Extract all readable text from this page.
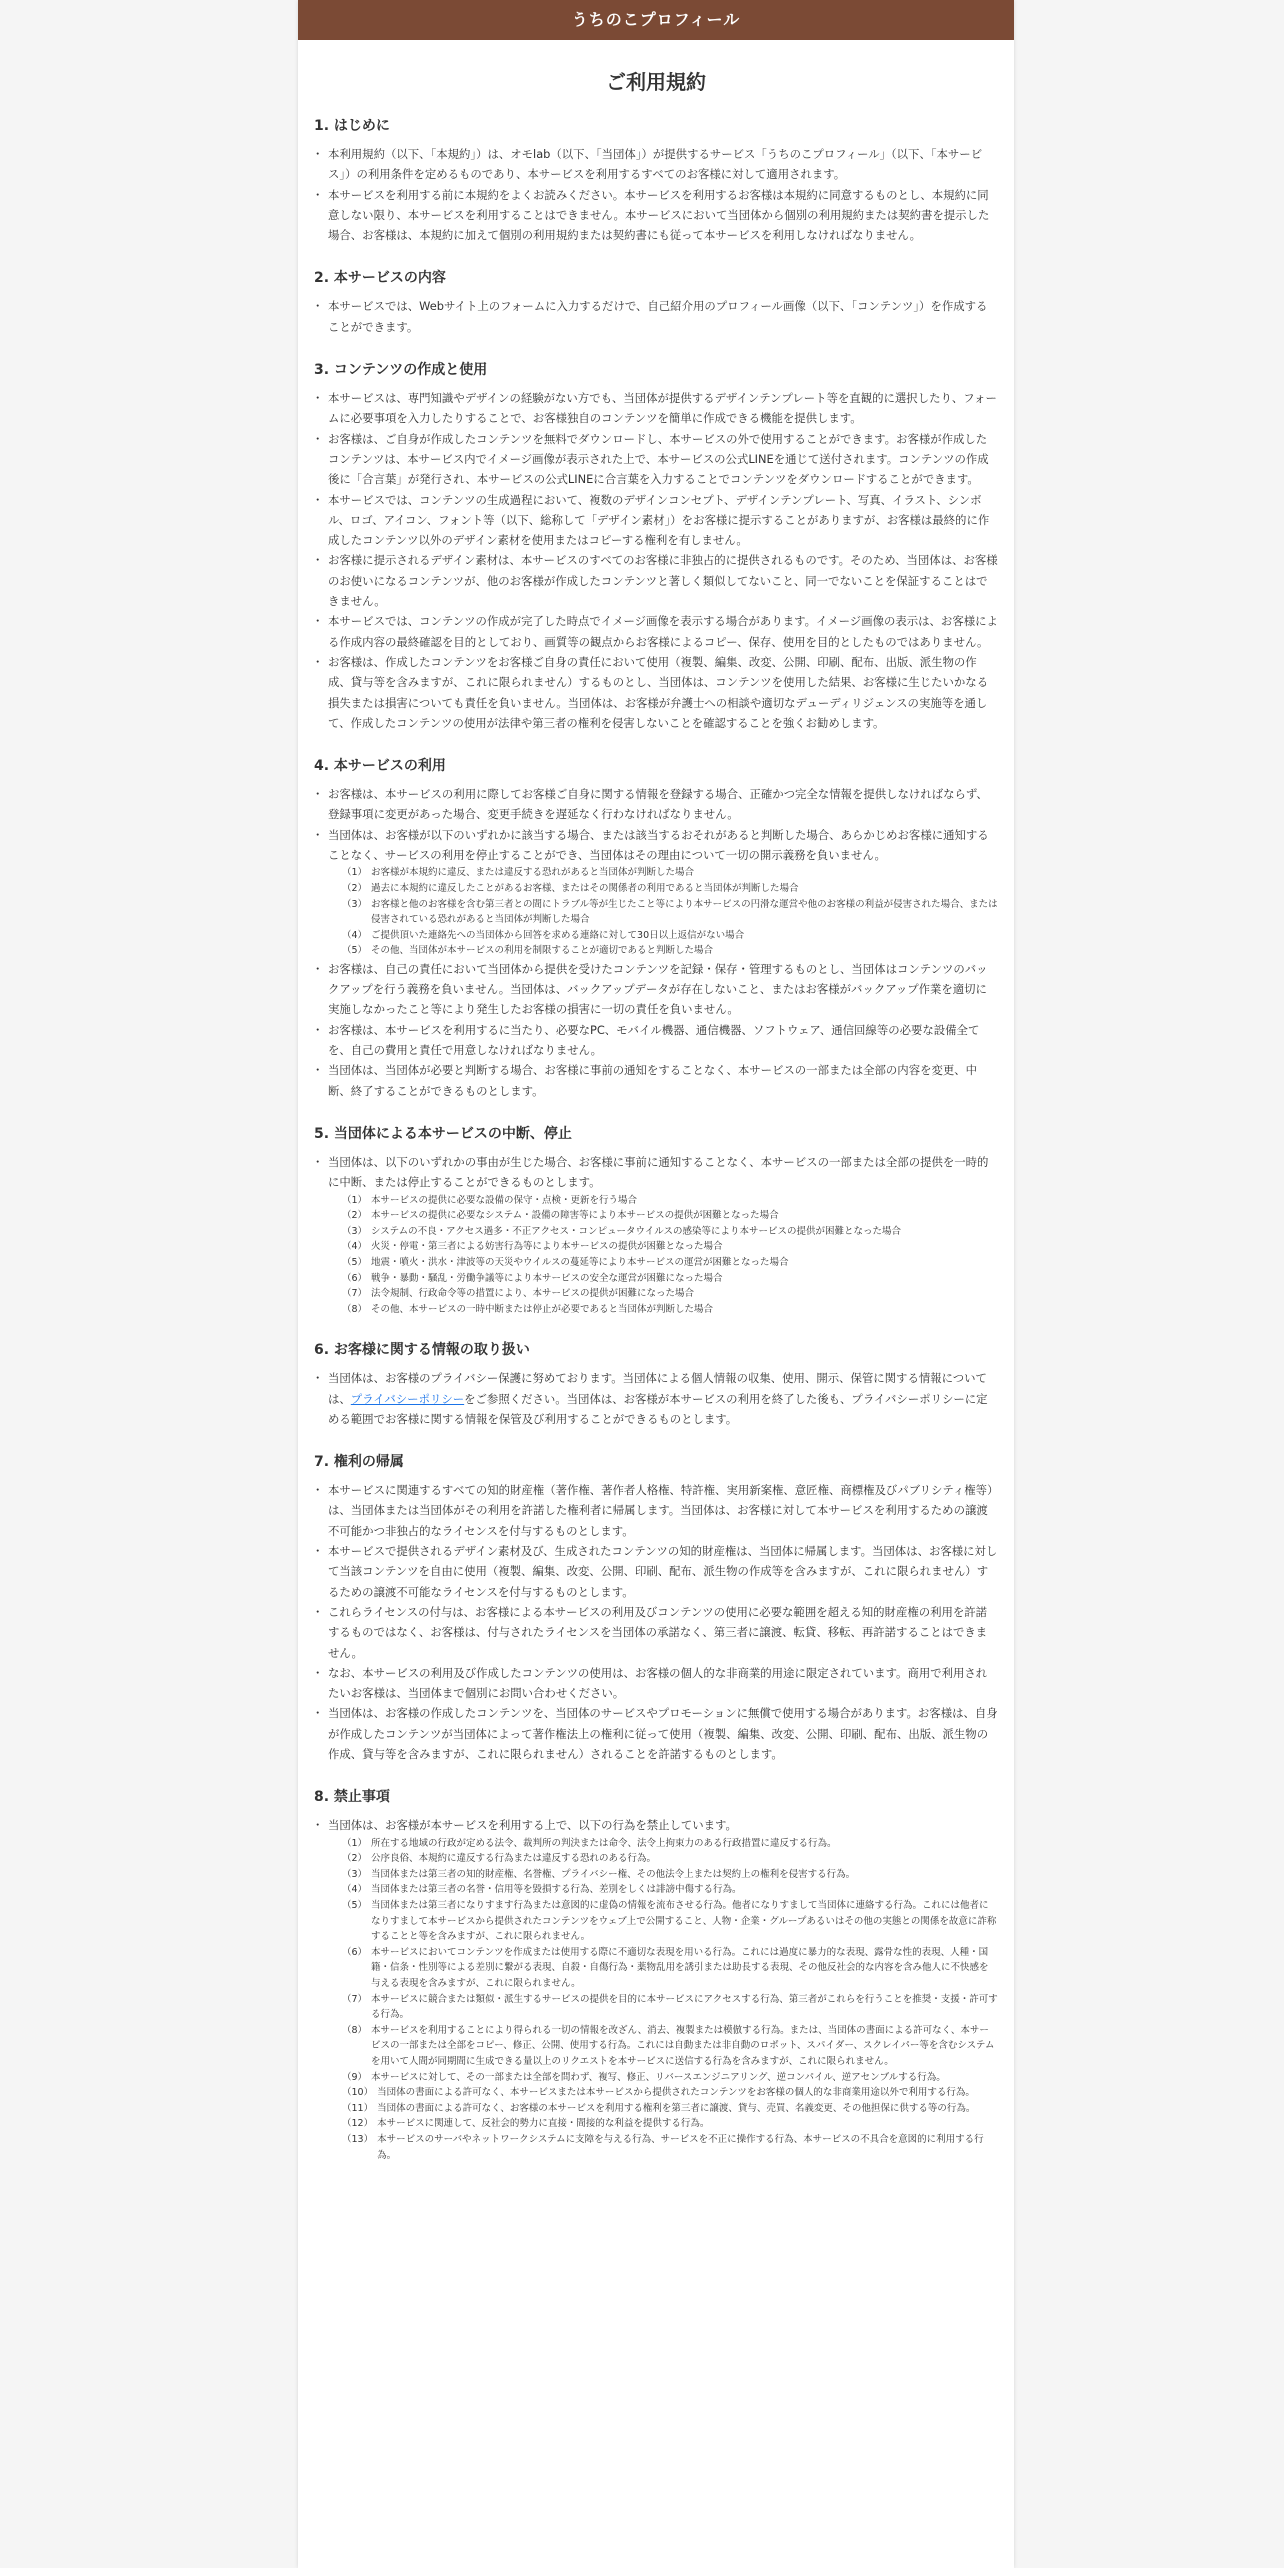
うちのこプロフィール
ご利用規約
1. はじめに
・ 本利用規約（以下、「本規約」）は、オモlab（以下、「当団体」）が提供するサービス「うちのこプロフィール」（以下、「本サービス」）の利用条件を定めるものであり、本サービスを利用するすべてのお客様に対して適用されます。
・ 本サービスを利用する前に本規約をよくお読みください。本サービスを利用するお客様は本規約に同意するものとし、本規約に同意しない限り、本サービスを利用することはできません。本サービスにおいて当団体から個別の利用規約または契約書を提示した場合、お客様は、本規約に加えて個別の利用規約または契約書にも従って本サービスを利用しなければなりません。
2. 本サービスの内容
・ 本サービスでは、Webサイト上のフォームに入力するだけで、自己紹介用のプロフィール画像（以下、「コンテンツ」）を作成することができます。
3. コンテンツの作成と使用
・ 本サービスは、専門知識やデザインの経験がない方でも、当団体が提供するデザインテンプレート等を直観的に選択したり、フォームに必要事項を入力したりすることで、お客様独自のコンテンツを簡単に作成できる機能を提供します。
・ お客様は、ご自身が作成したコンテンツを無料でダウンロードし、本サービスの外で使用することができます。お客様が作成したコンテンツは、本サービス内でイメージ画像が表示された上で、本サービスの公式LINEを通じて送付されます。コンテンツの作成後に「合言葉」が発行され、本サービスの公式LINEに合言葉を入力することでコンテンツをダウンロードすることができます。
・ 本サービスでは、コンテンツの生成過程において、複数のデザインコンセプト、デザインテンプレート、写真、イラスト、シンボル、ロゴ、アイコン、フォント等（以下、総称して「デザイン素材」）をお客様に提示することがありますが、お客様は最終的に作成したコンテンツ以外のデザイン素材を使用またはコピーする権利を有しません。
・ お客様に提示されるデザイン素材は、本サービスのすべてのお客様に非独占的に提供されるものです。そのため、当団体は、お客様のお使いになるコンテンツが、他のお客様が作成したコンテンツと著しく類似してないこと、同一でないことを保証することはできません。
・ 本サービスでは、コンテンツの作成が完了した時点でイメージ画像を表示する場合があります。イメージ画像の表示は、お客様による作成内容の最終確認を目的としており、画質等の観点からお客様によるコピー、保存、使用を目的としたものではありません。
・ お客様は、作成したコンテンツをお客様ご自身の責任において使用（複製、編集、改変、公開、印刷、配布、出版、派生物の作成、貸与等を含みますが、これに限られません）するものとし、当団体は、コンテンツを使用した結果、お客様に生じたいかなる損失または損害についても責任を負いません。当団体は、お客様が弁護士への相談や適切なデューディリジェンスの実施等を通して、作成したコンテンツの使用が法律や第三者の権利を侵害しないことを確認することを強くお勧めします。
4. 本サービスの利用
・ お客様は、本サービスの利用に際してお客様ご自身に関する情報を登録する場合、正確かつ完全な情報を提供しなければならず、登録事項に変更があった場合、変更手続きを遅延なく行わなければなりません。
・ 当団体は、お客様が以下のいずれかに該当する場合、または該当するおそれがあると判断した場合、あらかじめお客様に通知することなく、サービスの利用を停止することができ、当団体はその理由について一切の開示義務を負いません。
（1） お客様が本規約に違反、または違反する恐れがあると当団体が判断した場合
（2） 過去に本規約に違反したことがあるお客様、またはその関係者の利用であると当団体が判断した場合
（3） お客様と他のお客様を含む第三者との間にトラブル等が生じたこと等により本サービスの円滑な運営や他のお客様の利益が侵害された場合、または侵害されている恐れがあると当団体が判断した場合
（4） ご提供頂いた連絡先への当団体から回答を求める連絡に対して30日以上返信がない場合
（5） その他、当団体が本サービスの利用を制限することが適切であると判断した場合
・ お客様は、自己の責任において当団体から提供を受けたコンテンツを記録・保存・管理するものとし、当団体はコンテンツのバックアップを行う義務を負いません。当団体は、バックアップデータが存在しないこと、またはお客様がバックアップ作業を適切に実施しなかったこと等により発生したお客様の損害に一切の責任を負いません。
・ お客様は、本サービスを利用するに当たり、必要なPC、モバイル機器、通信機器、ソフトウェア、通信回線等の必要な設備全てを、自己の費用と責任で用意しなければなりません。
・ 当団体は、当団体が必要と判断する場合、お客様に事前の通知をすることなく、本サービスの一部または全部の内容を変更、中断、終了することができるものとします。
5. 当団体による本サービスの中断、停止
・ 当団体は、以下のいずれかの事由が生じた場合、お客様に事前に通知することなく、本サービスの一部または全部の提供を一時的に中断、または停止することができるものとします。
（1） 本サービスの提供に必要な設備の保守・点検・更新を行う場合
（2） 本サービスの提供に必要なシステム・設備の障害等により本サービスの提供が困難となった場合
（3） システムの不良・アクセス過多・不正アクセス・コンピュータウイルスの感染等により本サービスの提供が困難となった場合
（4） 火災・停電・第三者による妨害行為等により本サービスの提供が困難となった場合
（5） 地震・噴火・洪水・津波等の天災やウイルスの蔓延等により本サービスの運営が困難となった場合
（6） 戦争・暴動・騒乱・労働争議等により本サービスの安全な運営が困難になった場合
（7） 法令規制、行政命令等の措置により、本サービスの提供が困難になった場合
（8） その他、本サービスの一時中断または停止が必要であると当団体が判断した場合
6. お客様に関する情報の取り扱い
・ 当団体は、お客様のプライバシー保護に努めております。当団体による個人情報の収集、使用、開示、保管に関する情報については、プライバシーポリシーをご参照ください。当団体は、お客様が本サービスの利用を終了した後も、プライバシーポリシーに定める範囲でお客様に関する情報を保管及び利用することができるものとします。
7. 権利の帰属
・ 本サービスに関連するすべての知的財産権（著作権、著作者人格権、特許権、実用新案権、意匠権、商標権及びパブリシティ権等）は、当団体または当団体がその利用を許諾した権利者に帰属します。当団体は、お客様に対して本サービスを利用するための譲渡不可能かつ非独占的なライセンスを付与するものとします。
・ 本サービスで提供されるデザイン素材及び、生成されたコンテンツの知的財産権は、当団体に帰属します。当団体は、お客様に対して当該コンテンツを自由に使用（複製、編集、改変、公開、印刷、配布、派生物の作成等を含みますが、これに限られません）するための譲渡不可能なライセンスを付与するものとします。
・ これらライセンスの付与は、お客様による本サービスの利用及びコンテンツの使用に必要な範囲を超える知的財産権の利用を許諾するものではなく、お客様は、付与されたライセンスを当団体の承諾なく、第三者に譲渡、転貸、移転、再許諾することはできません。
・ なお、本サービスの利用及び作成したコンテンツの使用は、お客様の個人的な非商業的用途に限定されています。商用で利用されたいお客様は、当団体まで個別にお問い合わせください。
・ 当団体は、お客様の作成したコンテンツを、当団体のサービスやプロモーションに無償で使用する場合があります。お客様は、自身が作成したコンテンツが当団体によって著作権法上の権利に従って使用（複製、編集、改変、公開、印刷、配布、出版、派生物の作成、貸与等を含みますが、これに限られません）されることを許諾するものとします。
8. 禁止事項
・ 当団体は、お客様が本サービスを利用する上で、以下の行為を禁止しています。
（1） 所在する地域の行政が定める法令、裁判所の判決または命令、法令上拘束力のある行政措置に違反する行為。
（2） 公序良俗、本規約に違反する行為または違反する恐れのある行為。
（3） 当団体または第三者の知的財産権、名誉権、プライバシー権、その他法令上または契約上の権利を侵害する行為。
（4） 当団体または第三者の名誉・信用等を毀損する行為、差別をしくは誹謗中傷する行為。
（5） 当団体または第三者になりすます行為または意図的に虚偽の情報を流布させる行為。他者になりすまして当団体に連絡する行為。これには他者になりすまして本サービスから提供されたコンテンツをウェブ上で公開すること、人物・企業・グループあるいはその他の実態との関係を故意に詐称することと等を含みますが、これに限られません。
（6） 本サービスにおいてコンテンツを作成または使用する際に不適切な表現を用いる行為。これには過度に暴力的な表現、露骨な性的表現、人種・国籍・信条・性別等による差別に繋がる表現、自殺・自傷行為・薬物乱用を誘引または助長する表現、その他反社会的な内容を含み他人に不快感を与える表現を含みますが、これに限られません。
（7） 本サービスに競合または類似・派生するサービスの提供を目的に本サービスにアクセスする行為、第三者がこれらを行うことを推奨・支援・許可する行為。
（8） 本サービスを利用することにより得られる一切の情報を改ざん、消去、複製または模倣する行為。または、当団体の書面による許可なく、本サービスの一部または全部をコピー、修正、公開、使用する行為。これには自動または非自動のロボット、スパイダー、スクレイパー等を含むシステムを用いて人間が同期間に生成できる量以上のリクエストを本サービスに送信する行為を含みますが、これに限られません。
（9） 本サービスに対して、その一部または全部を問わず、複写、修正、リバースエンジニアリング、逆コンパイル、逆アセンブルする行為。
（10） 当団体の書面による許可なく、本サービスまたは本サービスから提供されたコンテンツをお客様の個人的な非商業用途以外で利用する行為。
（11） 当団体の書面による許可なく、お客様の本サービスを利用する権利を第三者に譲渡、貸与、売買、名義変更、その他担保に供する等の行為。
（12） 本サービスに関連して、反社会的勢力に直接・間接的な利益を提供する行為。
（13） 本サービスのサーバやネットワークシステムに支障を与える行為、サービスを不正に操作する行為、本サービスの不具合を意図的に利用する行為。
